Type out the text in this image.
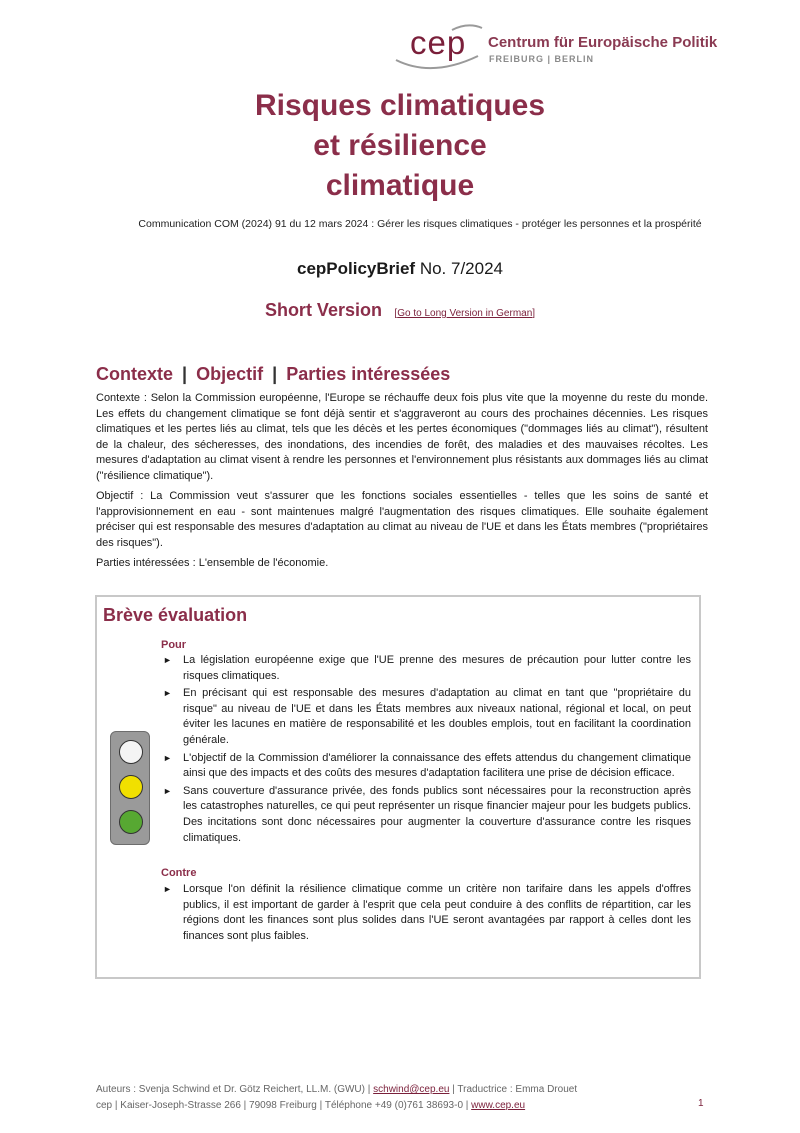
cep Centrum für Europäische Politik
FREIBURG | BERLIN
Risques climatiques
et résilience
climatique
Communication COM (2024) 91 du 12 mars 2024 : Gérer les risques climatiques - protéger les personnes et la prospérité
cepPolicyBrief No. 7/2024
Short Version [Go to Long Version in German]
Contexte | Objectif | Parties intéressées

Contexte : Selon la Commission européenne, l'Europe se réchauffe deux fois plus vite que la moyenne du reste du monde. Les effets du changement climatique se font déjà sentir et s'aggraveront au cours des prochaines décennies. Les risques climatiques et les pertes liés au climat, tels que les décès et les pertes économiques ("dommages liés au climat"), résultent de la chaleur, des sécheresses, des inondations, des incendies de forêt, des maladies et des mauvaises récoltes. Les mesures d'adaptation au climat visent à rendre les personnes et l'environnement plus résistants aux dommages liés au climat ("résilience climatique").

Objectif : La Commission veut s'assurer que les fonctions sociales essentielles - telles que les soins de santé et l'approvisionnement en eau - sont maintenues malgré l'augmentation des risques climatiques. Elle souhaite également préciser qui est responsable des mesures d'adaptation au climat au niveau de l'UE et dans les États membres ("propriétaires des risques").

Parties intéressées : L'ensemble de l'économie.

Brève évaluation
Pour
► La législation européenne exige que l'UE prenne des mesures de précaution pour lutter contre les risques climatiques.
► En précisant qui est responsable des mesures d'adaptation au climat en tant que "propriétaire du risque" au niveau de l'UE et dans les États membres aux niveaux national, régional et local, on peut éviter les lacunes en matière de responsabilité et les doubles emplois, tout en facilitant la coordination générale.
► L'objectif de la Commission d'améliorer la connaissance des effets attendus du changement climatique ainsi que des impacts et des coûts des mesures d'adaptation facilitera une prise de décision efficace.
► Sans couverture d'assurance privée, des fonds publics sont nécessaires pour la reconstruction après les catastrophes naturelles, ce qui peut représenter un risque financier majeur pour les budgets publics. Des incitations sont donc nécessaires pour augmenter la couverture d'assurance contre les risques climatiques.
Contre
► Lorsque l'on définit la résilience climatique comme un critère non tarifaire dans les appels d'offres publics, il est important de garder à l'esprit que cela peut conduire à des conflits de répartition, car les régions dont les finances sont plus solides dans l'UE seront avantagées par rapport à celles dont les finances sont plus faibles.
Auteurs : Svenja Schwind et Dr. Götz Reichert, LL.M. (GWU) | schwind@cep.eu | Traductrice : Emma Drouet
cep | Kaiser-Joseph-Strasse 266 | 79098 Freiburg | Téléphone +49 (0)761 38693-0 | www.cep.eu	1
